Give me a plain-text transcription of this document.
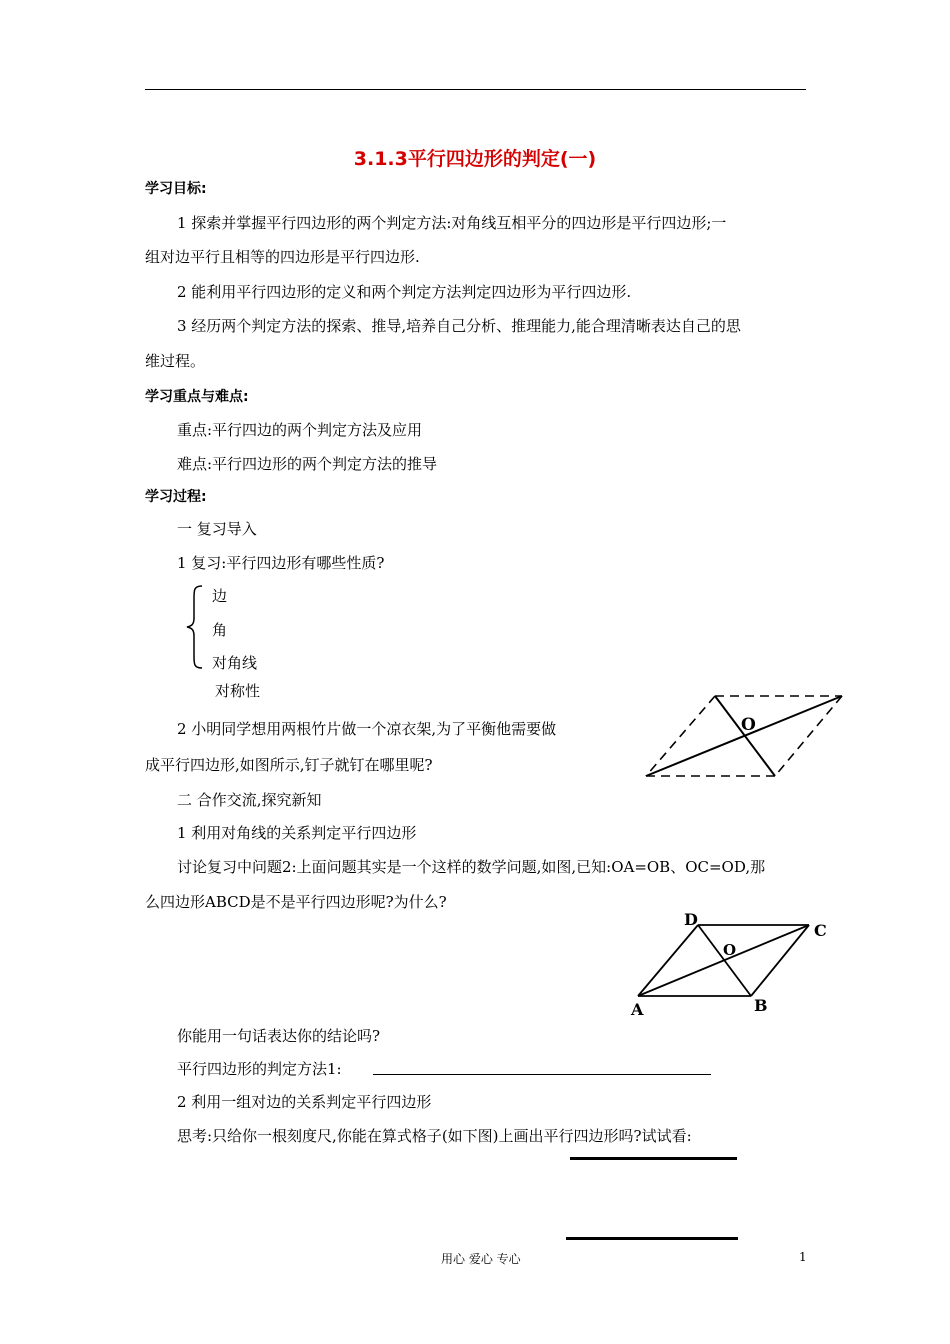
3.1.3平行四边形的判定(一)
学习目标:
1 探索并掌握平行四边形的两个判定方法:对角线互相平分的四边形是平行四边形;一
组对边平行且相等的四边形是平行四边形.
2 能利用平行四边形的定义和两个判定方法判定四边形为平行四边形.
3 经历两个判定方法的探索、推导,培养自己分析、推理能力,能合理清晰表达自己的思
维过程。
学习重点与难点:
重点:平行四边的两个判定方法及应用
难点:平行四边形的两个判定方法的推导
学习过程:
一 复习导入
1 复习:平行四边形有哪些性质?
边
角
对角线
对称性
2 小明同学想用两根竹片做一个凉衣架,为了平衡他需要做
成平行四边形,如图所示,钉子就钉在哪里呢?
O
二 合作交流,探究新知
1 利用对角线的关系判定平行四边形
讨论复习中问题2:上面问题其实是一个这样的数学问题,如图,已知:OA=OB、OC=OD,那
么四边形ABCD是不是平行四边形呢?为什么?
D
C
A	B
O
你能用一句话表达你的结论吗?
平行四边形的判定方法1:
2 利用一组对边的关系判定平行四边形
思考:只给你一根刻度尺,你能在算式格子(如下图)上画出平行四边形吗?试试看:
用心 爱心 专心	1
